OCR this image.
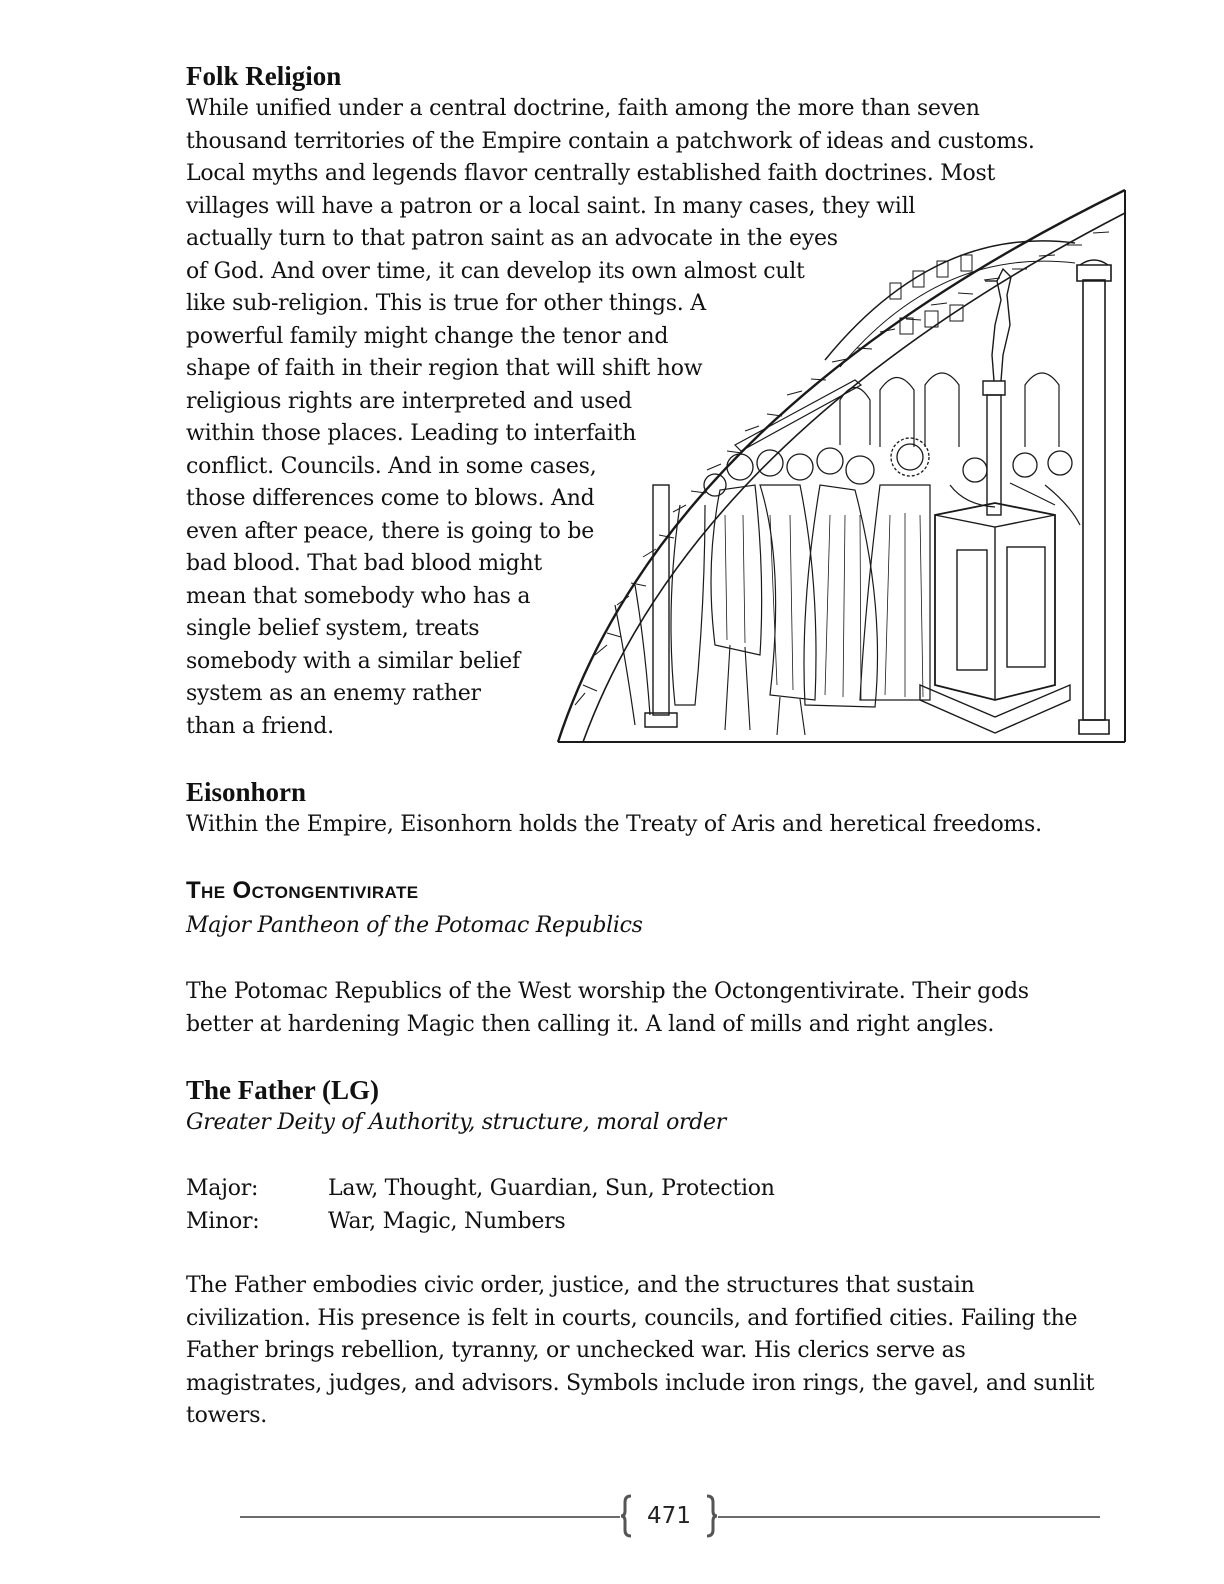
Folk Religion
While unified under a central doctrine, faith among the more than seven
thousand territories of the Empire contain a patchwork of ideas and customs.
Local myths and legends flavor centrally established faith doctrines. Most
villages will have a patron or a local saint. In many cases, they will
actually turn to that patron saint as an advocate in the eyes
of God. And over time, it can develop its own almost cult
like sub-religion. This is true for other things. A
powerful family might change the tenor and
shape of faith in their region that will shift how
religious rights are interpreted and used
within those places. Leading to interfaith
conflict. Councils. And in some cases,
those differences come to blows. And
even after peace, there is going to be
bad blood. That bad blood might
mean that somebody who has a
single belief system, treats
somebody with a similar belief
system as an enemy rather
than a friend.
Eisonhorn
Within the Empire, Eisonhorn holds the Treaty of Aris and heretical freedoms.
The Octongentivirate
Major Pantheon of the Potomac Republics
The Potomac Republics of the West worship the Octongentivirate. Their gods
better at hardening Magic then calling it. A land of mills and right angles.
The Father (LG)
Greater Deity of Authority, structure, moral order
Major:	Law, Thought, Guardian, Sun, Protection
Minor:	War, Magic, Numbers
The Father embodies civic order, justice, and the structures that sustain
civilization. His presence is felt in courts, councils, and fortified cities. Failing the
Father brings rebellion, tyranny, or unchecked war. His clerics serve as
magistrates, judges, and advisors. Symbols include iron rings, the gavel, and sunlit
towers.
471
